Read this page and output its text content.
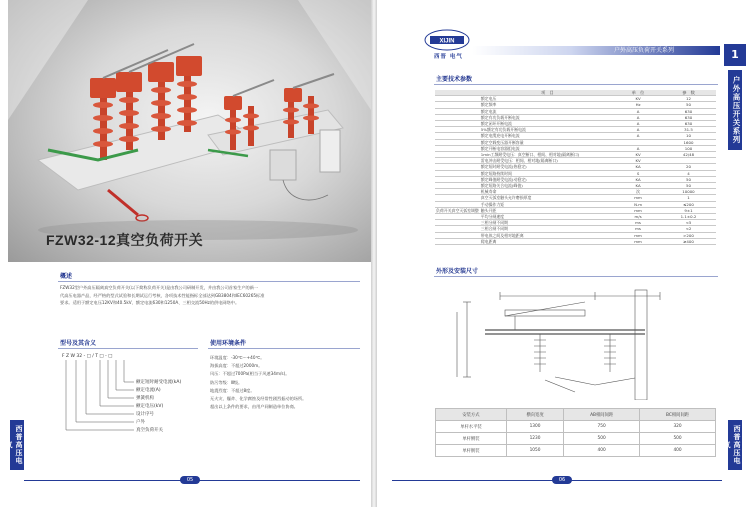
FZW32-12真空负荷开关
概述
FZW32型户外高压隔离真空负荷开关(以下简称负荷开关)是由我公司研制开发，并由我公司首家生产的新一
代高压电器产品，经严格的型式试验和长期试运行考核，各项技术性能指标全部达到GB3804和IEC60265标准
要求。适用于额定电压12KV和40.5kV、额定电流630和1250A、三相交流50Hz的供电网络中。
型号及其含义
F Z W 32 - □ / T □ - □
额定短时耐受电流(kA)
额定电流(A)
弹簧机构
额定电压(kV)
设计序号
户外
真空负荷开关
使用环境条件
环境温度：-30℃～+40℃。
海拔高度：不超过2000m。
风压：不超过700Pa(相当于风速34m/s)。
防污等级：Ⅲ级。
地震烈度：不超过8度。
无火灾、爆炸、化学腐蚀及经常性剧烈振动的场所。
超出以上条件的要求，由用户同制造单位协商。
西普高压电气
05
XIJIN
西晋 电气
户外高压负荷开关系列	1
户外高压开关系列
主要技术参数
	项　目	单　位	参　数
	额定电压	KV	12
	额定频率	Hz	50
	额定电流	A	630
	额定有功负载开断电流	A	630
	额定闭环开断电流	A	630
	5%额定有功负载开断电流	A	31.5
	额定电缆充电开断电流	A	10
	额定空载变压器开断容量		1600
	额定开断电容器组电流	A	100
	1min工频耐受电压：真空断口、相间、相对地(隔离断口)	KV	42/48
	雷电冲击耐受电压：相间、相对地(隔离断口)	KV	
	额定短时耐受电流(热稳定)	KA	20
	额定短路持续时间	S	4
	额定峰值耐受电流(动稳定)	KA	50
	额定短路关合电流(峰值)	KA	50
	机械寿命	次	10000
	真空灭弧室触头允许磨损厚度	mm	1
	手动操作力矩	N.m	≤200
负荷开关真空灭弧室调整	触头开距	mm	9±1
	平均分闸速度	m/s	1.1±0.2
	三相分闸不同期	ms	<5
	三相合闸不同期	ms	<2
	带电体之间及相对地距离	mm	>200
	爬电距离	mm	≥400
外形及安装尺寸
安装方式	横向宽度	AB相间间距	BC相间间距
单杆水平装	1300	750	320
单杆侧装	1230	500	500
单杆倒装	1050	400	400	西普高压电气
06
